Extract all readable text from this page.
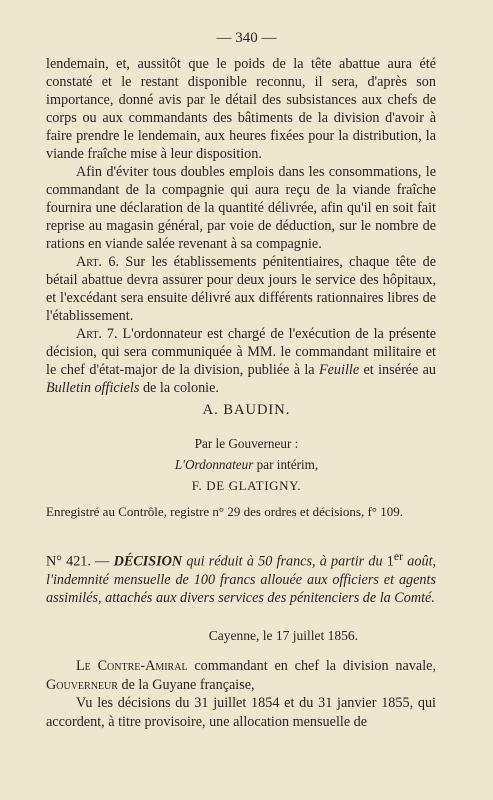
— 340 —

lendemain, et, aussitôt que le poids de la tête abattue aura été constaté et le restant disponible reconnu, il sera, d'après son importance, donné avis par le détail des subsistances aux chefs de corps ou aux commandants des bâtiments de la division d'avoir à faire prendre le lendemain, aux heures fixées pour la distribution, la viande fraîche mise à leur disposition.

Afin d'éviter tous doubles emplois dans les consommations, le commandant de la compagnie qui aura reçu de la viande fraîche fournira une déclaration de la quantité délivrée, afin qu'il en soit fait reprise au magasin général, par voie de déduction, sur le nombre de rations en viande salée revenant à sa compagnie.

Art. 6. Sur les établissements pénitentiaires, chaque tête de bétail abattue devra assurer pour deux jours le service des hôpitaux, et l'excédant sera ensuite délivré aux différents rationnaires libres de l'établissement.

Art. 7. L'ordonnateur est chargé de l'exécution de la présente décision, qui sera communiquée à MM. le commandant militaire et le chef d'état-major de la division, publiée à la Feuille et insérée au Bulletin officiels de la colonie.

A. BAUDIN.
Par le Gouverneur :
L'Ordonnateur par intérim,
F. DE GLATIGNY.
Enregistré au Contrôle, registre n° 29 des ordres et décisions, f° 109.
N° 421. — DÉCISION qui réduit à 50 francs, à partir du 1er août, l'indemnité mensuelle de 100 francs allouée aux officiers et agents assimilés, attachés aux divers services des pénitenciers de la Comté.
Cayenne, le 17 juillet 1856.

Le Contre-Amiral commandant en chef la division navale, Gouverneur de la Guyane française,

Vu les décisions du 31 juillet 1854 et du 31 janvier 1855, qui accordent, à titre provisoire, une allocation mensuelle de
